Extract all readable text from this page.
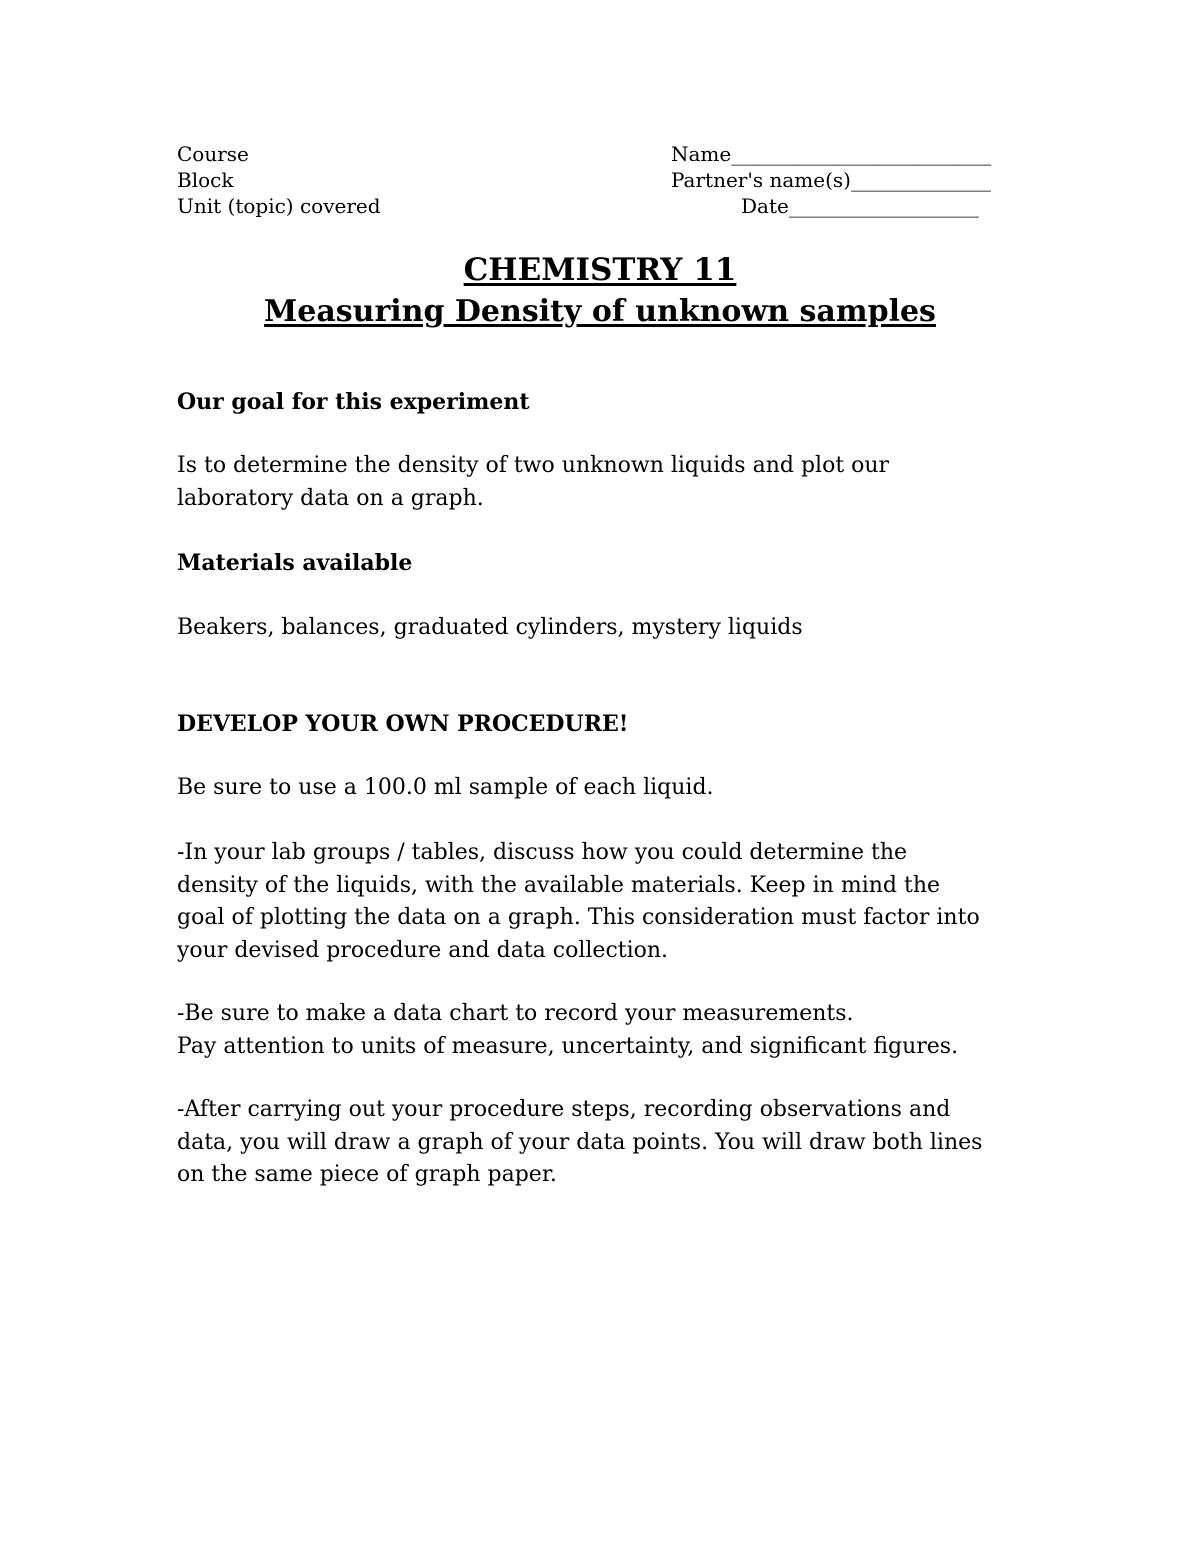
Course
Block
Unit (topic) covered
Name__________________________
Partner's name(s)______________
Date___________________
CHEMISTRY 11
Measuring Density of unknown samples
Our goal for this experiment

Is to determine the density of two unknown liquids and plot our

laboratory data on a graph.

Materials available
Beakers, balances, graduated cylinders, mystery liquids
DEVELOP YOUR OWN PROCEDURE!
Be sure to use a 100.0 ml sample of each liquid.

-In your lab groups / tables, discuss how you could determine the

density of the liquids, with the available materials. Keep in mind the

goal of plotting the data on a graph. This consideration must factor into

your devised procedure and data collection.

-Be sure to make a data chart to record your measurements.

Pay attention to units of measure, uncertainty, and significant figures.

-After carrying out your procedure steps, recording observations and

data, you will draw a graph of your data points. You will draw both lines

on the same piece of graph paper.
